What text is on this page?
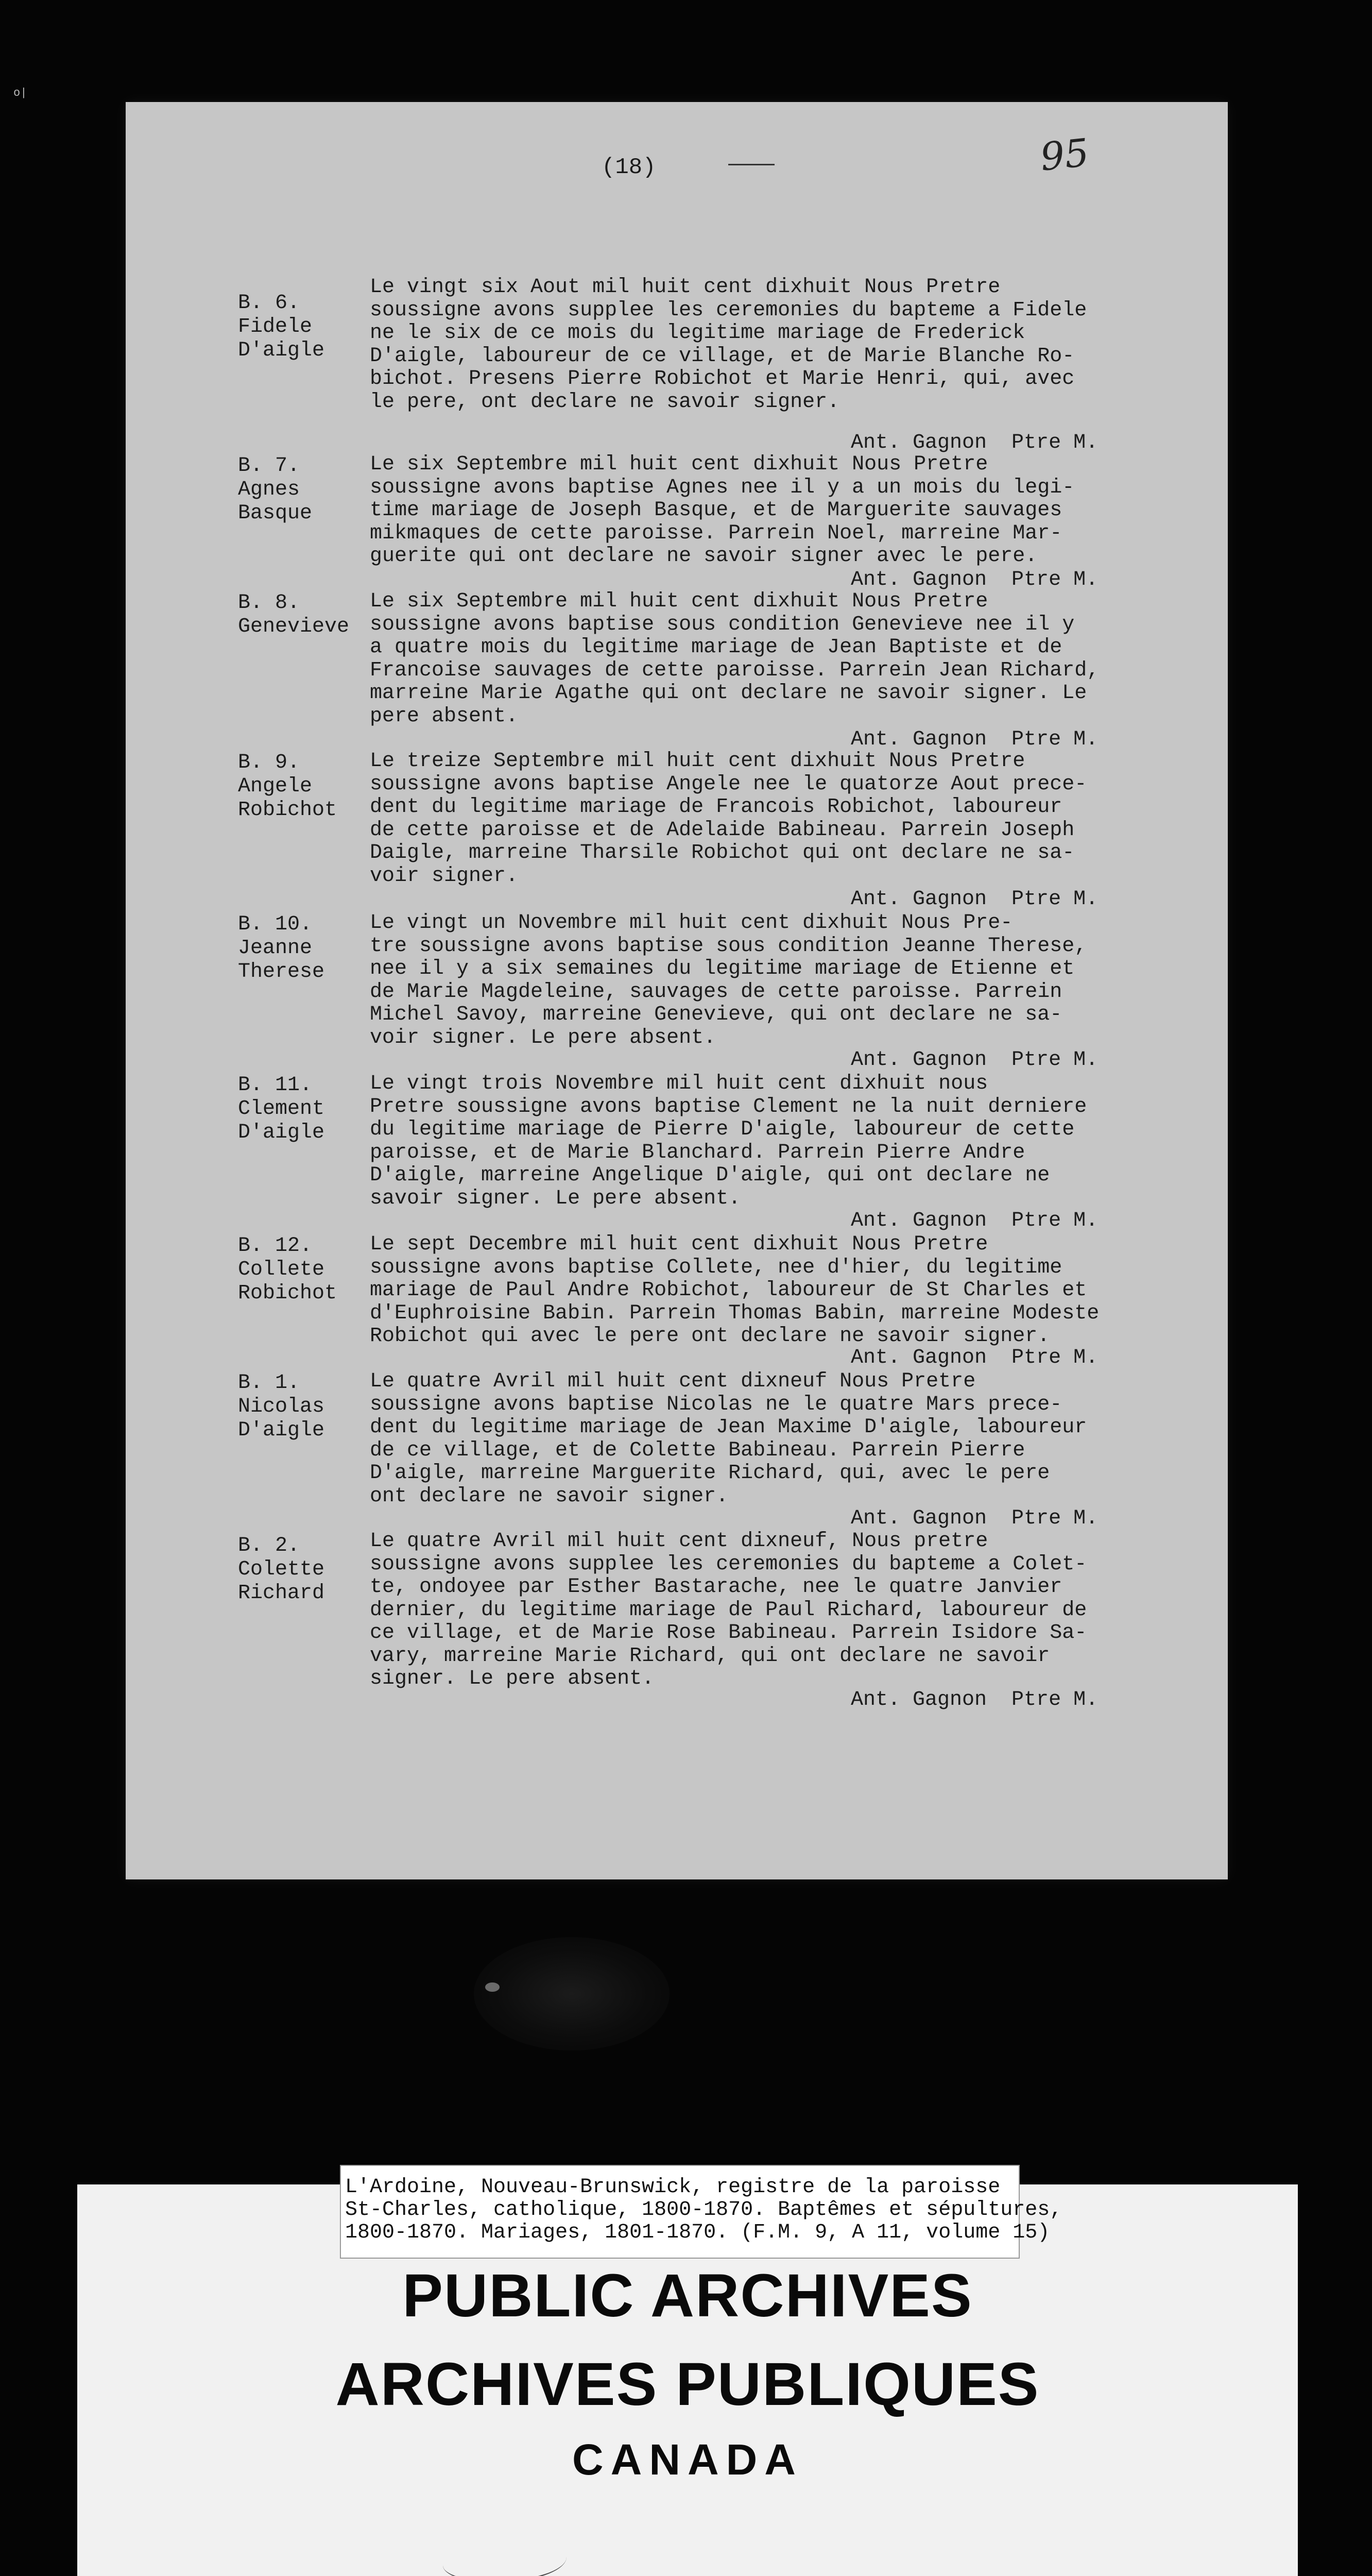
o|
(18)	95
B. 6.
Fidele
D'aigle

Le vingt six Aout mil huit cent dixhuit Nous Pretre
soussigne avons supplee les ceremonies du bapteme a Fidele
ne le six de ce mois du legitime mariage de Frederick
D'aigle, laboureur de ce village, et de Marie Blanche Ro-
bichot. Presens Pierre Robichot et Marie Henri, qui, avec
le pere, ont declare ne savoir signer.

Ant. Gagnon  Ptre M.
B. 7.
Agnes
Basque

Le six Septembre mil huit cent dixhuit Nous Pretre
soussigne avons baptise Agnes nee il y a un mois du legi-
time mariage de Joseph Basque, et de Marguerite sauvages
mikmaques de cette paroisse. Parrein Noel, marreine Mar-
guerite qui ont declare ne savoir signer avec le pere.

Ant. Gagnon  Ptre M.
B. 8.
Genevieve

Le six Septembre mil huit cent dixhuit Nous Pretre
soussigne avons baptise sous condition Genevieve nee il y
a quatre mois du legitime mariage de Jean Baptiste et de
Francoise sauvages de cette paroisse. Parrein Jean Richard,
marreine Marie Agathe qui ont declare ne savoir signer. Le
pere absent.

Ant. Gagnon  Ptre M.
B. 9.
Angele
Robichot

Le treize Septembre mil huit cent dixhuit Nous Pretre
soussigne avons baptise Angele nee le quatorze Aout prece-
dent du legitime mariage de Francois Robichot, laboureur
de cette paroisse et de Adelaide Babineau. Parrein Joseph
Daigle, marreine Tharsile Robichot qui ont declare ne sa-
voir signer.

Ant. Gagnon  Ptre M.
B. 10.
Jeanne
Therese

Le vingt un Novembre mil huit cent dixhuit Nous Pre-
tre soussigne avons baptise sous condition Jeanne Therese,
nee il y a six semaines du legitime mariage de Etienne et
de Marie Magdeleine, sauvages de cette paroisse. Parrein
Michel Savoy, marreine Genevieve, qui ont declare ne sa-
voir signer. Le pere absent.

Ant. Gagnon  Ptre M.
B. 11.
Clement
D'aigle

Le vingt trois Novembre mil huit cent dixhuit nous
Pretre soussigne avons baptise Clement ne la nuit derniere
du legitime mariage de Pierre D'aigle, laboureur de cette
paroisse, et de Marie Blanchard. Parrein Pierre Andre
D'aigle, marreine Angelique D'aigle, qui ont declare ne
savoir signer. Le pere absent.

Ant. Gagnon  Ptre M.
B. 12.
Collete
Robichot

Le sept Decembre mil huit cent dixhuit Nous Pretre
soussigne avons baptise Collete, nee d'hier, du legitime
mariage de Paul Andre Robichot, laboureur de St Charles et
d'Euphroisine Babin. Parrein Thomas Babin, marreine Modeste
Robichot qui avec le pere ont declare ne savoir signer.

Ant. Gagnon  Ptre M.
B. 1.
Nicolas
D'aigle

Le quatre Avril mil huit cent dixneuf Nous Pretre
soussigne avons baptise Nicolas ne le quatre Mars prece-
dent du legitime mariage de Jean Maxime D'aigle, laboureur
de ce village, et de Colette Babineau. Parrein Pierre
D'aigle, marreine Marguerite Richard, qui, avec le pere
ont declare ne savoir signer.

Ant. Gagnon  Ptre M.
B. 2.
Colette
Richard

Le quatre Avril mil huit cent dixneuf, Nous pretre
soussigne avons supplee les ceremonies du bapteme a Colet-
te, ondoyee par Esther Bastarache, nee le quatre Janvier
dernier, du legitime mariage de Paul Richard, laboureur de
ce village, et de Marie Rose Babineau. Parrein Isidore Sa-
vary, marreine Marie Richard, qui ont declare ne savoir
signer. Le pere absent.

Ant. Gagnon  Ptre M.
L'Ardoine, Nouveau-Brunswick, registre de la paroisse
St-Charles, catholique, 1800-1870. Baptêmes et sépultures,
1800-1870. Mariages, 1801-1870. (F.M. 9, A 11, volume 15)
PUBLIC ARCHIVES
ARCHIVES PUBLIQUES
CANADA
